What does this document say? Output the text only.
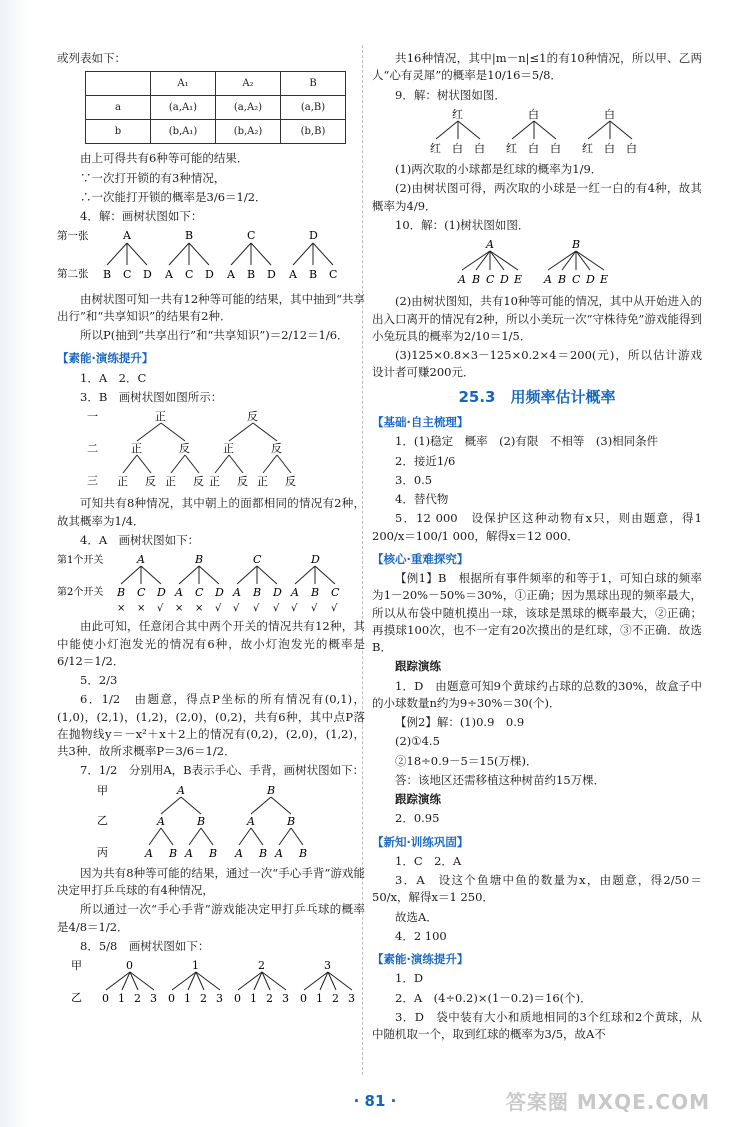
或列表如下：

	A₁	A₂	B
a	(a,A₁)	(a,A₂)	(a,B)
b	(b,A₁)	(b,A₂)	(b,B)

由上可得共有6种等可能的结果．

∵一次打开锁的有3种情况，

∴一次能打开锁的概率是3/6＝1/2．

4．解：画树状图如下：

第一张
第二张
A	B	C	D
B C D A C D A B D A B C

由树状图可知一共有12种等可能的结果，其中抽到“共享出行”和“共享知识”的结果有2种．

所以P(抽到“共享出行”和“共享知识”)＝2/12＝1/6．

【素能·演练提升】

1．A　2．C

3．B　画树状图如图所示：

一
二
三
正	反
正	反	正	反
正 反 正 反 正 反 正 反

可知共有8种情况，其中朝上的面都相同的情况有2种，故其概率为1/4．

4．A　画树状图如下：

第1个开关
第2个开关
A	B	C	D
B C D A C D A B D A B C
× × √ × × √ √ √ √ √ √ √

由此可知，任意闭合其中两个开关的情况共有12种，其中能使小灯泡发光的情况有6种，故小灯泡发光的概率是6/12＝1/2．

5．2/3

6．1/2　由题意，得点P坐标的所有情况有(0,1)，(1,0)，(2,1)，(1,2)，(2,0)，(0,2)，共有6种，其中点P落在抛物线y＝－x²＋x＋2上的情况有(0,2)，(2,0)，(1,2)，共3种．故所求概率P＝3/6＝1/2．

7．1/2　分别用A，B表示手心、手背，画树状图如下：

甲
乙
丙
A	B
A	B	A	B
A B A B A B A B

因为共有8种等可能的结果，通过一次“手心手背”游戏能决定甲打乒乓球的有4种情况，

所以通过一次“手心手背”游戏能决定甲打乒乓球的概率是4/8＝1/2．

8．5/8　画树状图如下：

甲
乙
0	1	2	3
0 1 2 3 0 1 2 3 0 1 2 3 0 1 2 3

共16种情况，其中|m－n|≤1的有10种情况，所以甲、乙两人“心有灵犀”的概率是10/16＝5/8．

9．解：树状图如图．

红	白	白
红 白 白 红 白 白 红 白 白

(1)两次取的小球都是红球的概率为1/9．

(2)由树状图可得，两次取的小球是一红一白的有4种，故其概率为4/9．

10．解：(1)树状图如图．

A	B
A B C D E A B C D E

(2)由树状图知，共有10种等可能的情况，其中从开始进入的出入口离开的情况有2种，所以小美玩一次“守株待免”游戏能得到小兔玩具的概率为2/10＝1/5．

(3)125×0.8×3－125×0.2×4＝200(元)，所以估计游戏设计者可赚200元．

25.3　用频率估计概率
【基础·自主梳理】

1．(1)稳定　概率　(2)有限　不相等　(3)相同条件

2．接近1/6

3．0.5

4．替代物

5．12 000　设保护区这种动物有x只，则由题意，得1 200/x＝100/1 000，解得x＝12 000．

【核心·重难探究】

【例1】B　根据所有事件频率的和等于1，可知白球的频率为1－20%－50%＝30%，①正确；因为黑球出现的频率最大，所以从布袋中随机摸出一球，该球是黑球的概率最大，②正确；再摸球100次，也不一定有20次摸出的是红球，③不正确．故选B．

跟踪演练

1．D　由题意可知9个黄球约占球的总数的30%，故盒子中的小球数量n约为9÷30%＝30(个)．

【例2】解：(1)0.9　0.9

(2)①4.5

②18÷0.9－5＝15(万棵)．

答：该地区还需移植这种树苗约15万棵．

跟踪演练

2．0.95

【新知·训练巩固】

1．C　2．A

3．A　设这个鱼塘中鱼的数量为x，由题意，得2/50＝50/x，解得x＝1 250．

故选A．

4．2 100

【素能·演练提升】

1．D

2．A　(4÷0.2)×(1－0.2)＝16(个)．

3．D　袋中装有大小和质地相同的3个红球和2个黄球，从中随机取一个，取到红球的概率为3/5，故A不

· 81 ·	答案圈 MXQE.COM
